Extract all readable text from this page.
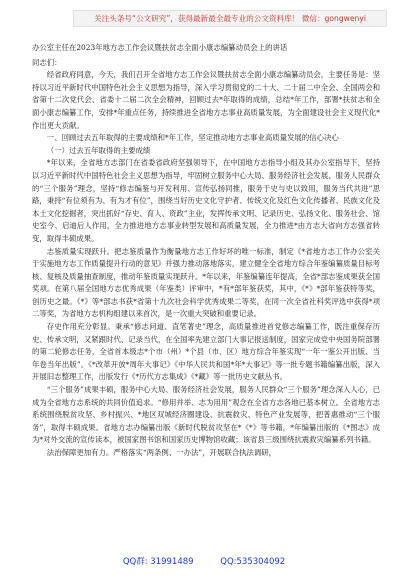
关注头条号“公文研究”，获得最新最全最专业的公文资料库！ 微信：gongwenyi

办公室主任在2023年地方志工作会议暨扶贫志全面小康志编纂动员会上的讲话

同志们：

经省政府同意，今天，我们召开全省地方志工作会议暨扶贫志全面小康志编纂动员会，主要任务是：坚持以习近平新时代中国特色社会主义思想为指导，深入学习贯彻党的二十大、二十届二中全会、全国两会和省第十二次党代会、省委十二届二次全会精神，回顾过去*年取得的成绩，总结*年工作，部署*扶贫志和全面小康志编纂工作，安排*年重点任务，持续推进全省地方志事业高质量发展，为全面建设社会主义现代化*作出更大贡献。

一、回顾过去五年取得的主要成绩和*年工作，坚定推动地方志事业高质量发展的信心决心

（一）过去五年取得的主要成绩

*年以来，全省地方志部门在省委省政府坚强领导下，在中国地方志指导小组及其办公室指导下，坚持以习近平新时代中国特色社会主义思想为指导，牢固树立服务中心大局、服务经济社会发展、服务人民群众的“三个服务”理念，坚持“修志编鉴与开发利用、宣传弘扬同推，服务于史与史以致用，服务当代共进”思路，秉持“有位须有为、有为才有位”，围绕当好历史文化守护者、传统文化及红色文化传播者、民族文化及本土文化挖掘者，突出抓好“存史、育人、资政”主业，发挥传承文明、记录历史、弘扬文化、服务社会、馆史室今、启迪后人作用，全力推进地方志事业转型发展和高质量发展，全力推进*由方志大省向方志强省转变，取得丰硕成果。

志鉴质量实现跃升。把志鉴质量作为衡量地方志工作好坏的唯一标准，制定《*省地方志工作办公室关于实施地方志工作质量提升行动的意见》并强力推动落地落实，建立健全全省地方综合年鉴编纂质量目标考核、复核及质量抽查制度，推动年鉴质量实现跃升。*年以来，年鉴编纂连年提高，全省*部志鉴成果获全国奖项。在第八届全国地方志优秀成果（年鉴类）评审中，*有*部年鉴获奖，其中，《*》*部年鉴获特等奖，创历史之最。《*》等*部志书获*省第十九次社会科学优秀成果二等奖，在同一次全省社科奖评选中获得*项二等奖，为省地方志机构组建以来首次，是一次重大突破和重要记录。

存史作用充分彰显。秉承“修志问道、直笔著史”理念，高质量推进首党修志编纂工作，既注重保存历史、传承文明，又紧跟时代、记录当代，在全国率先建立部门大事记报送制度，国家完成党中央国务院部署的第二轮修志任务，全省首本级志*个市（州）*个县（市、区）地方综合年鉴实现“一年一鉴公开出版、当年卷当年出版”。《*改革开放*周年大事记》《中华人民共和国*年*大事记》等一批专题书籍编纂出版，深入开展旧志整理工作，出版发行《*历代方志集成》《*藏》等一批历史文献丛书。

“三个服务”成果丰硕，服务中心大局、服务经济社会发展，服务人民群众“三个服务”理念深入人心，已成为全省地方志系统的共同价值追求。“修用并举、志为用用”观念在全省方志各地已基本树立。全省地方志系统围绕脱贫攻坚、乡村振兴、*地区双城经济圈建设、抗震救灾、特色产业发展等，把普惠推动“三个服务”，取得丰硕成果。省地方志办编纂出版《新时代脱贫攻坚在*《*》等书籍，*年编纂出版的《*图志》成为*对外交流的宣传读本，被国家图书馆和国家历史博物馆收藏；该省县三级围绕抗震救灾编纂系列书籍。

法治保障更加有力。严格落实“两条例、一办法”，开展联合执法调研，

QQ群: 31991489	QQ:535304092
